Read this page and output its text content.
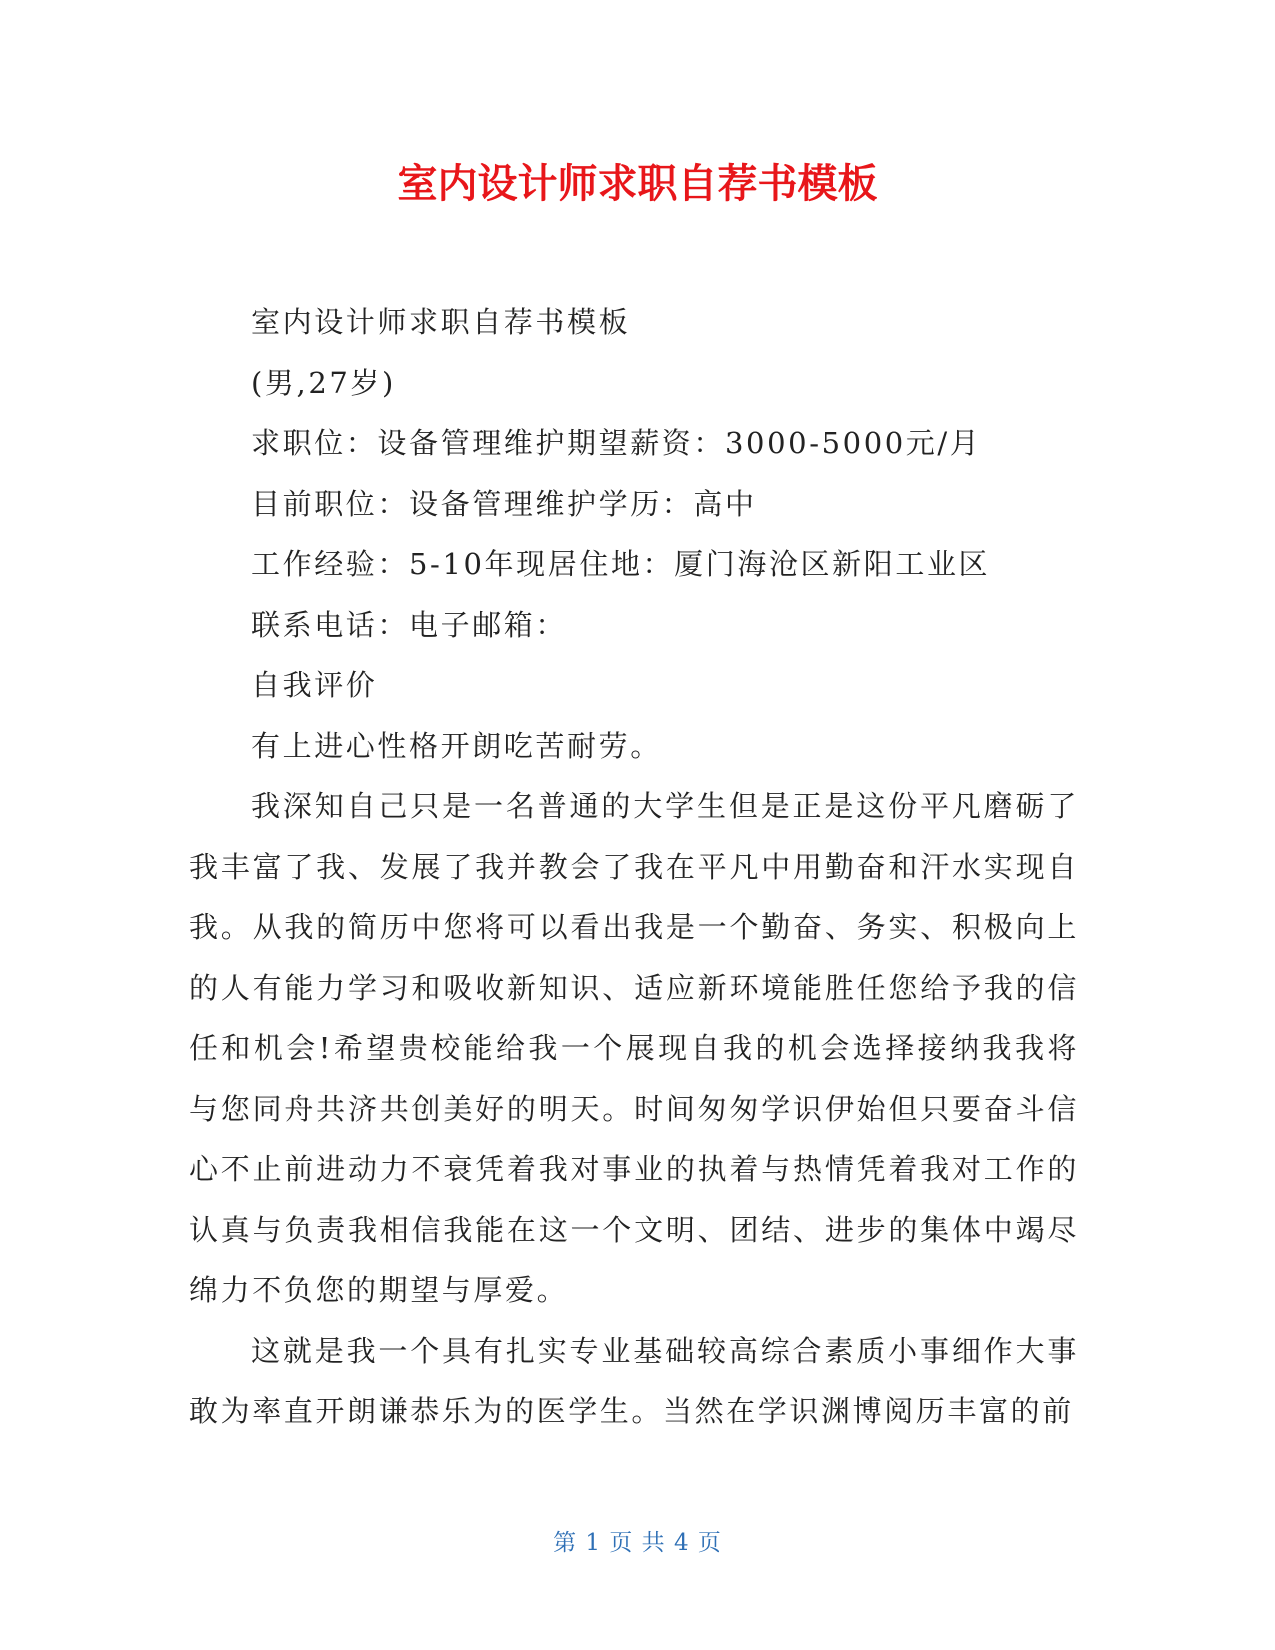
室内设计师求职自荐书模板

室内设计师求职自荐书模板

(男,27岁)

求职位：设备管理维护期望薪资：3000-5000元/月

目前职位：设备管理维护学历：高中

工作经验：5-10年现居住地：厦门海沧区新阳工业区

联系电话：电子邮箱：

自我评价

有上进心性格开朗吃苦耐劳。

我深知自己只是一名普通的大学生但是正是这份平凡磨砺了我丰富了我、发展了我并教会了我在平凡中用勤奋和汗水实现自我。从我的简历中您将可以看出我是一个勤奋、务实、积极向上的人有能力学习和吸收新知识、适应新环境能胜任您给予我的信任和机会!希望贵校能给我一个展现自我的机会选择接纳我我将与您同舟共济共创美好的明天。时间匆匆学识伊始但只要奋斗信心不止前进动力不衰凭着我对事业的执着与热情凭着我对工作的认真与负责我相信我能在这一个文明、团结、进步的集体中竭尽绵力不负您的期望与厚爱。

这就是我一个具有扎实专业基础较高综合素质小事细作大事敢为率直开朗谦恭乐为的医学生。当然在学识渊博阅历丰富的前

第 1 页 共 4 页
